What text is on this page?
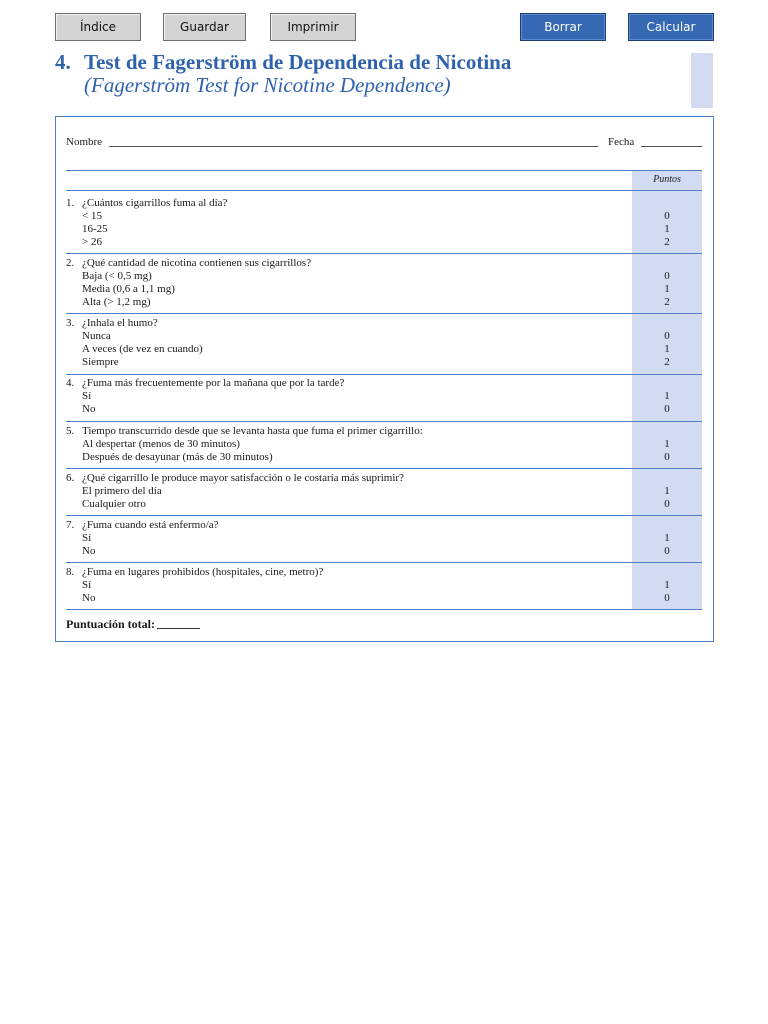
Índice	Guardar	Imprimir	Borrar	Calcular
4. Test de Fagerström de Dependencia de Nicotina
(Fagerström Test for Nicotine Dependence)
Nombre	Fecha
Puntos
1. ¿Cuántos cigarrillos fuma al día?
< 15	0
16-25	1
> 26	2
2. ¿Qué cantidad de nicotina contienen sus cigarrillos?
Baja (< 0,5 mg)	0
Media (0,6 a 1,1 mg)	1
Alta (> 1,2 mg)	2
3. ¿Inhala el humo?
Nunca	0
A veces (de vez en cuando)	1
Siempre	2
4. ¿Fuma más frecuentemente por la mañana que por la tarde?
Sí	1
No	0
5. Tiempo transcurrido desde que se levanta hasta que fuma el primer cigarrillo:
Al despertar (menos de 30 minutos)	1
Después de desayunar (más de 30 minutos)	0
6. ¿Qué cigarrillo le produce mayor satisfacción o le costaría más suprimir?
El primero del día	1
Cualquier otro	0
7. ¿Fuma cuando está enfermo/a?
Sí	1
No	0
8. ¿Fuma en lugares prohibidos (hospitales, cine, metro)?
Sí	1
No	0
Puntuación total:
